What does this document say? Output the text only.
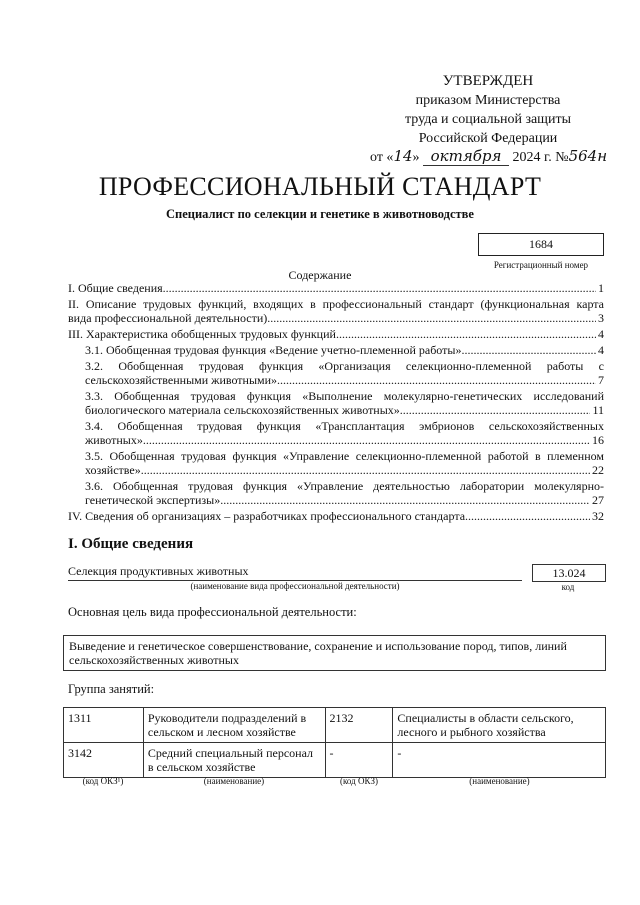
УТВЕРЖДЕН
приказом Министерства
труда и социальной защиты
Российской Федерации
от «14» октября 2024 г. №564н
ПРОФЕССИОНАЛЬНЫЙ СТАНДАРТ
Специалист по селекции и генетике в животноводстве
1684
Регистрационный номер
Содержание
I. Общие сведения .....	1
II. Описание трудовых функций, входящих в профессиональный стандарт (функциональная карта
вида профессиональной деятельности) .....	3
III. Характеристика обобщенных трудовых функций .....	4
3.1. Обобщенная трудовая функция «Ведение учетно-племенной работы» .....	4
3.2. Обобщенная трудовая функция «Организация селекционно-племенной работы с
сельскохозяйственными животными» .....	7
3.3. Обобщенная трудовая функция «Выполнение молекулярно-генетических исследований
биологического материала сельскохозяйственных животных» .....	11
3.4. Обобщенная трудовая функция «Трансплантация эмбрионов сельскохозяйственных
животных» .....	16
3.5. Обобщенная трудовая функция «Управление селекционно-племенной работой в племенном
хозяйстве» .....	22
3.6. Обобщенная трудовая функция «Управление деятельностью лаборатории молекулярно-
генетической экспертизы» .....	27
IV. Сведения об организациях – разработчиках профессионального стандарта .....	32
I. Общие сведения
Селекция продуктивных животных
(наименование вида профессиональной деятельности)
13.024
код
Основная цель вида профессиональной деятельности:
Выведение и генетическое совершенствование, сохранение и использование пород, типов, линий сельскохозяйственных животных
Группа занятий:
1311	Руководители подразделений в сельском и лесном хозяйстве	2132	Специалисты в области сельского, лесного и рыбного хозяйства
3142	Средний специальный персонал в сельском хозяйстве	-	-
(код ОКЗ¹)	(наименование)	(код ОКЗ)	(наименование)
